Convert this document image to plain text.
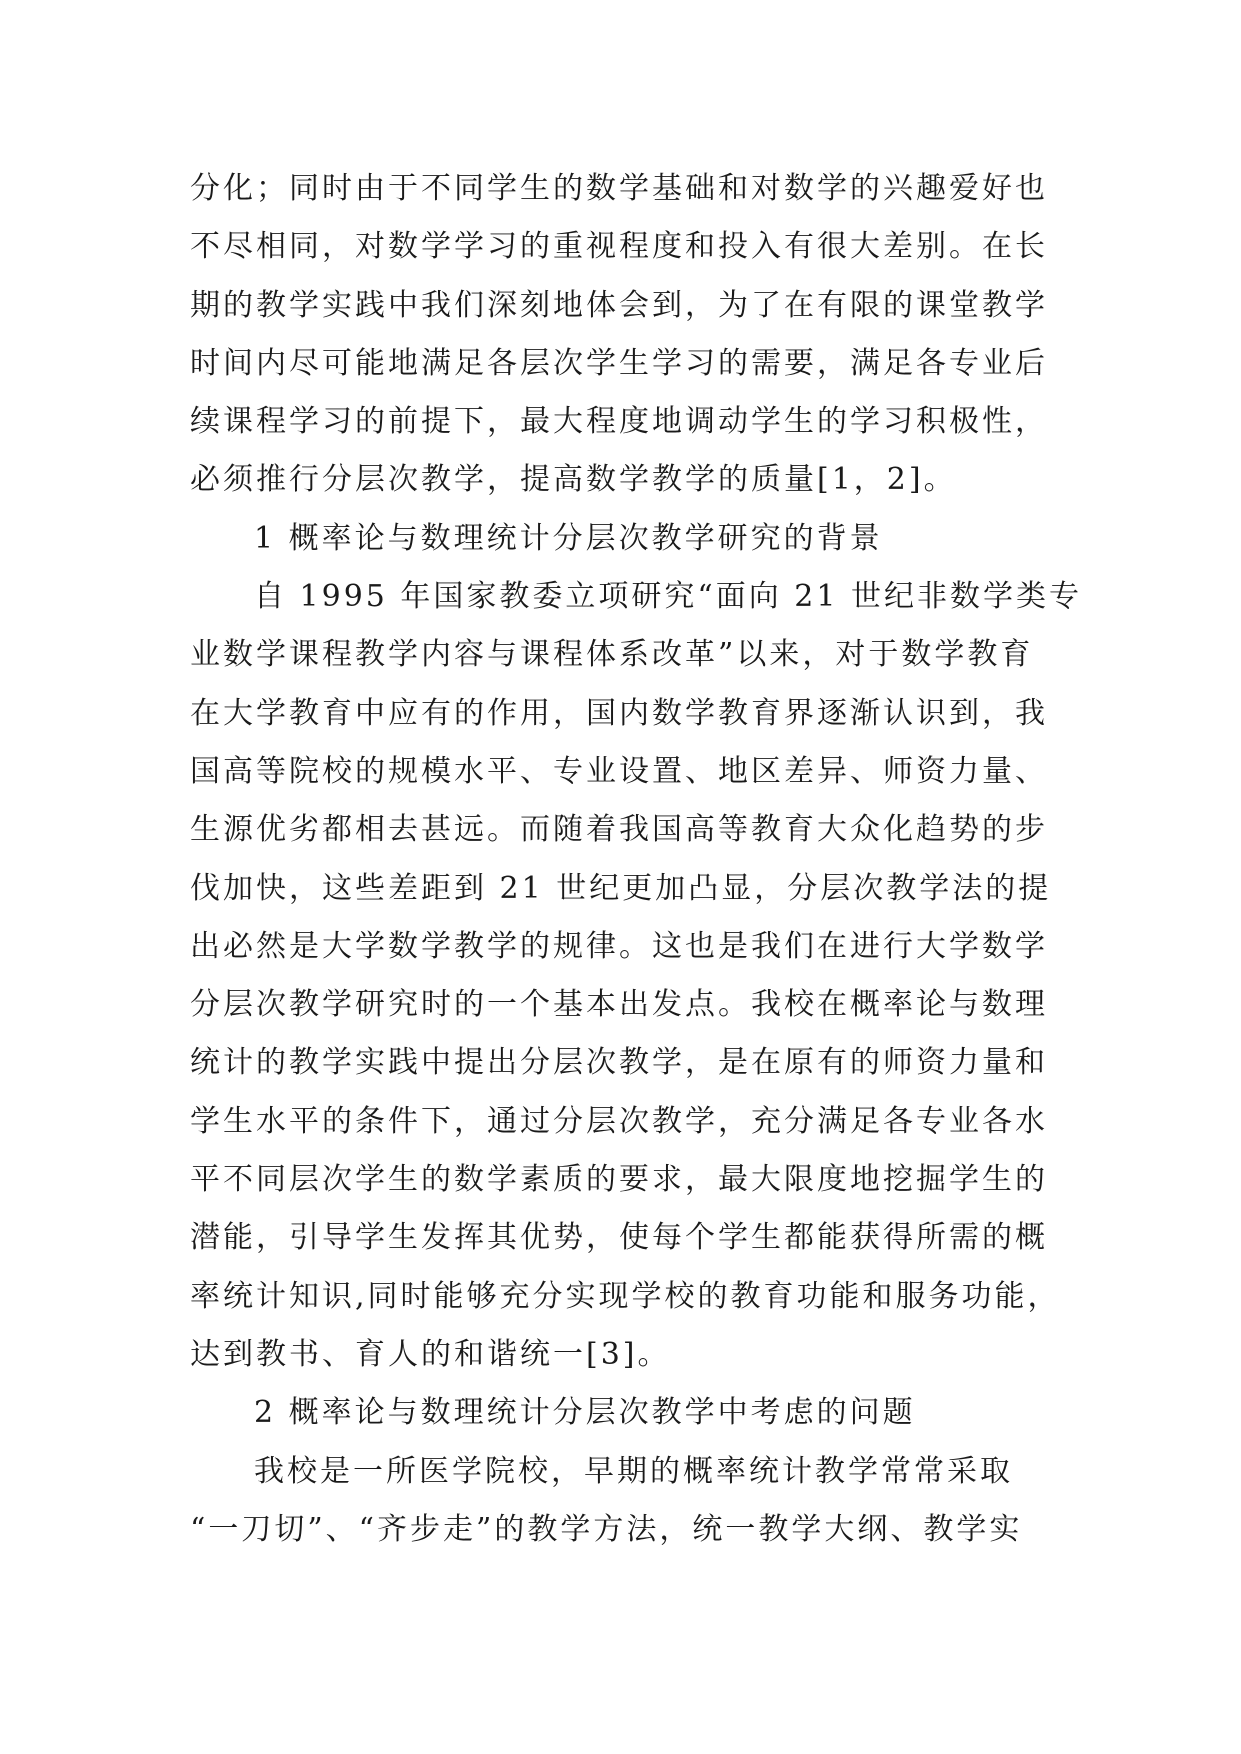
分化；同时由于不同学生的数学基础和对数学的兴趣爱好也
不尽相同，对数学学习的重视程度和投入有很大差别。在长
期的教学实践中我们深刻地体会到，为了在有限的课堂教学
时间内尽可能地满足各层次学生学习的需要，满足各专业后
续课程学习的前提下，最大程度地调动学生的学习积极性，
必须推行分层次教学，提高数学教学的质量[1，2]。
1 概率论与数理统计分层次教学研究的背景
自 1995 年国家教委立项研究“面向 21 世纪非数学类专
业数学课程教学内容与课程体系改革”以来，对于数学教育
在大学教育中应有的作用，国内数学教育界逐渐认识到，我
国高等院校的规模水平、专业设置、地区差异、师资力量、
生源优劣都相去甚远。而随着我国高等教育大众化趋势的步
伐加快，这些差距到 21 世纪更加凸显，分层次教学法的提
出必然是大学数学教学的规律。这也是我们在进行大学数学
分层次教学研究时的一个基本出发点。我校在概率论与数理
统计的教学实践中提出分层次教学，是在原有的师资力量和
学生水平的条件下，通过分层次教学，充分满足各专业各水
平不同层次学生的数学素质的要求，最大限度地挖掘学生的
潜能，引导学生发挥其优势，使每个学生都能获得所需的概
率统计知识,同时能够充分实现学校的教育功能和服务功能，
达到教书、育人的和谐统一[3]。
2 概率论与数理统计分层次教学中考虑的问题
我校是一所医学院校，早期的概率统计教学常常采取
“一刀切”、“齐步走”的教学方法，统一教学大纲、教学实
